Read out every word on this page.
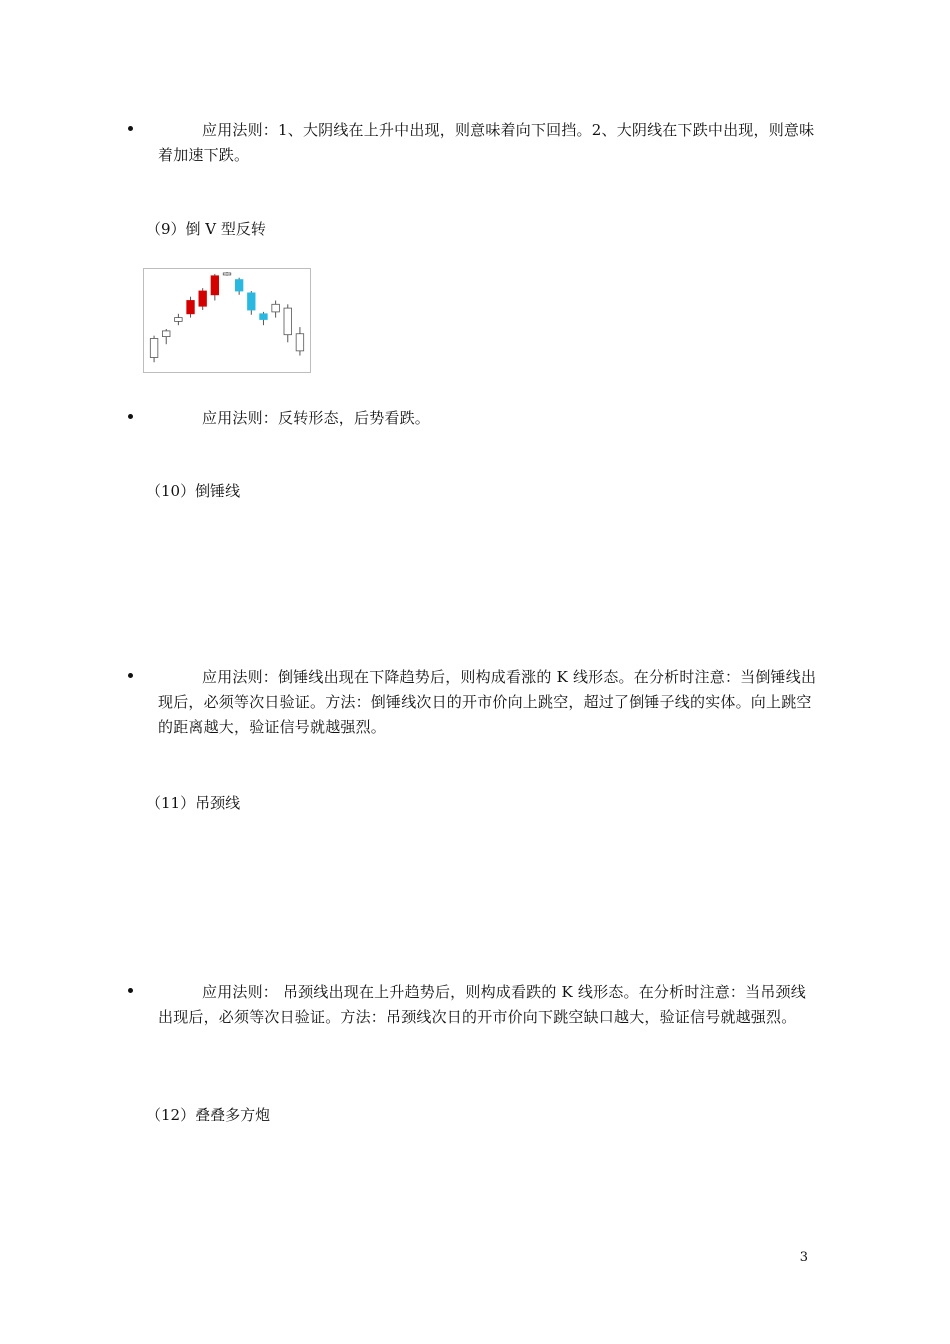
应用法则：1、大阴线在上升中出现，则意味着向下回挡。2、大阴线在下跌中出现，则意味着加速下跌。
（9）倒 V 型反转
应用法则：反转形态，后势看跌。
（10）倒锤线
应用法则：倒锤线出现在下降趋势后，则构成看涨的 K 线形态。在分析时注意：当倒锤线出现后，必须等次日验证。方法：倒锤线次日的开市价向上跳空，超过了倒锤子线的实体。向上跳空的距离越大，验证信号就越强烈。
（11）吊颈线
应用法则： 吊颈线出现在上升趋势后，则构成看跌的 K 线形态。在分析时注意：当吊颈线出现后，必须等次日验证。方法：吊颈线次日的开市价向下跳空缺口越大，验证信号就越强烈。
（12）叠叠多方炮
3
